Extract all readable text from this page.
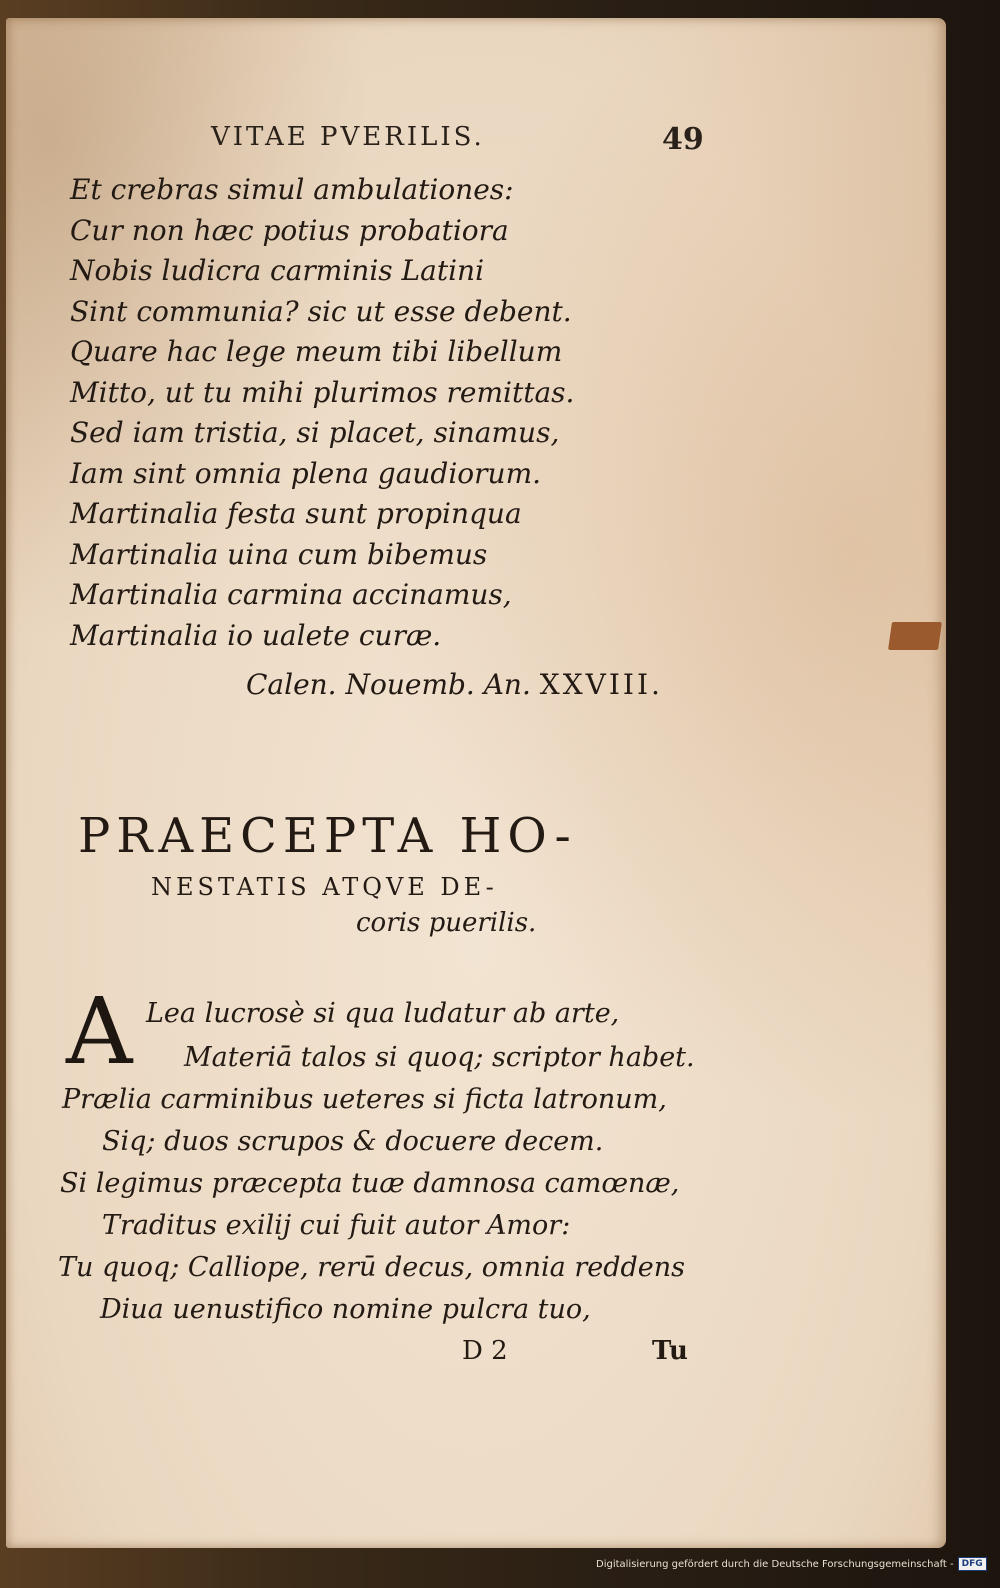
VITAE PVERILIS.	49
Et crebras simul ambulationes:
Cur non hæc potius probatiora
Nobis ludicra carminis Latini
Sint communia? sic ut esse debent.
Quare hac lege meum tibi libellum
Mitto, ut tu mihi plurimos remittas.
Sed iam tristia, si placet, sinamus,
Iam sint omnia plena gaudiorum.
Martinalia festa sunt propinqua
Martinalia uina cum bibemus
Martinalia carmina accinamus,
Martinalia io ualete curæ.
Calen. Nouemb. An. XXVIII.
PRAECEPTA HO-
NESTATIS ATQVE DE-
coris puerilis.
A Lea lucrosè si qua ludatur ab arte,
Materiā talos si quoq; scriptor habet.
Prælia carminibus ueteres si ficta latronum,
Siq; duos scrupos & docuere decem.
Si legimus præcepta tuæ damnosa camœnæ,
Traditus exilij cui fuit autor Amor:
Tu quoq; Calliope, rerū decus, omnia reddens
Diua uenustifico nomine pulcra tuo,
D 2	Tu
Digitalisierung gefördert durch die Deutsche Forschungsgemeinschaft - DFG
